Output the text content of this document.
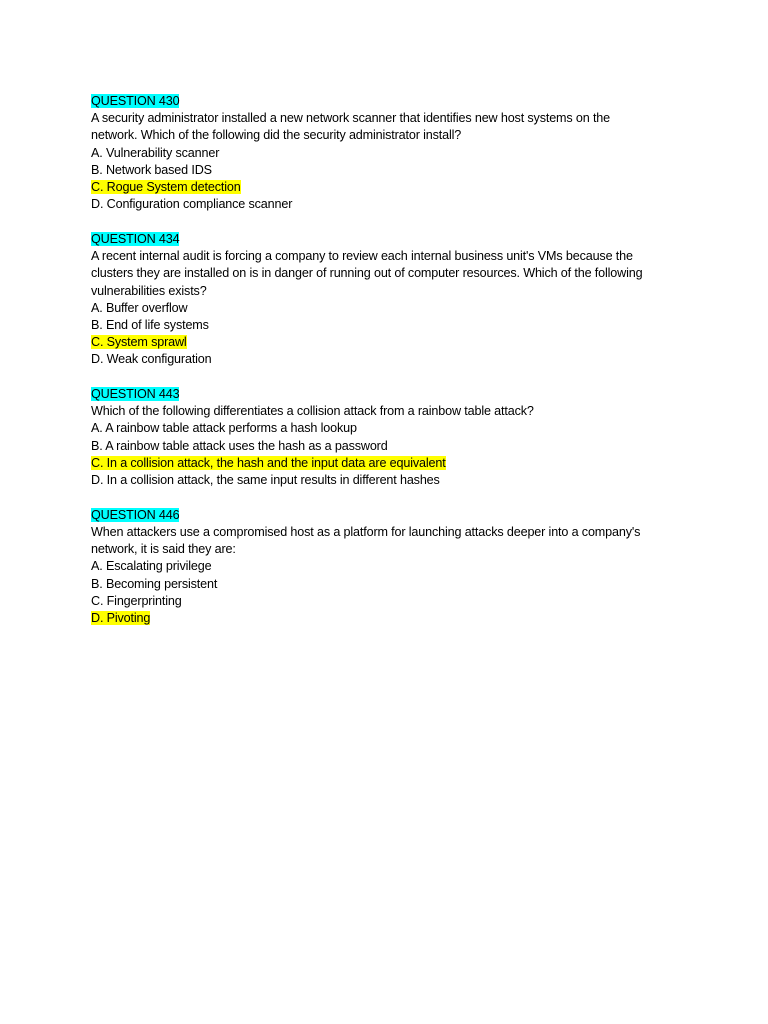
QUESTION 430
A security administrator installed a new network scanner that identifies new host systems on the
network. Which of the following did the security administrator install?
A. Vulnerability scanner
B. Network based IDS
C. Rogue System detection
D. Configuration compliance scanner
QUESTION 434
A recent internal audit is forcing a company to review each internal business unit's VMs because the
clusters they are installed on is in danger of running out of computer resources. Which of the following
vulnerabilities exists?
A. Buffer overflow
B. End of life systems
C. System sprawl
D. Weak configuration
QUESTION 443
Which of the following differentiates a collision attack from a rainbow table attack?
A. A rainbow table attack performs a hash lookup
B. A rainbow table attack uses the hash as a password
C. In a collision attack, the hash and the input data are equivalent
D. In a collision attack, the same input results in different hashes
QUESTION 446
When attackers use a compromised host as a platform for launching attacks deeper into a company's
network, it is said they are:
A. Escalating privilege
B. Becoming persistent
C. Fingerprinting
D. Pivoting
